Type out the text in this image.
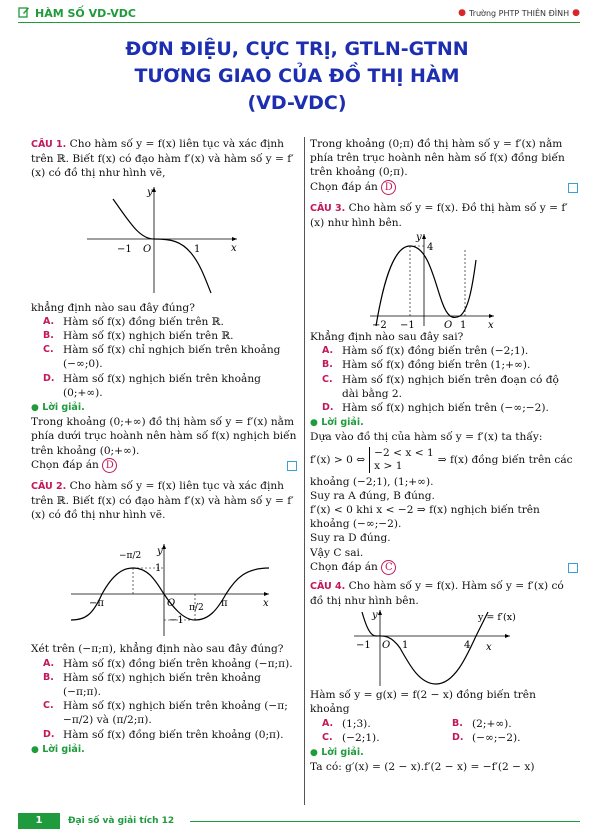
HÀM SỐ VD-VDC	● Trường PHTP THIÊN ĐÌNH ●
ĐƠN ĐIỆU, CỰC TRỊ, GTLN-GTNN
TƯƠNG GIAO CỦA ĐỒ THỊ HÀM
(VD-VDC)

CÂU 1. Cho hàm số y = f(x) liên tục và xác định trên ℝ. Biết f(x) có đạo hàm f′(x) và hàm số y = f′(x) có đồ thị như hình vẽ,

y
x
−1 O	1

khẳng định nào sau đây đúng?

A. Hàm số f(x) đồng biến trên ℝ.
B. Hàm số f(x) nghịch biến trên ℝ.
C. Hàm số f(x) chỉ nghịch biến trên khoảng (−∞;0).
D. Hàm số f(x) nghịch biến trên khoảng (0;+∞).

● Lời giải.

Trong khoảng (0;+∞) đồ thị hàm số y = f′(x) nằm phía dưới trục hoành nên hàm số f(x) nghịch biến trên khoảng (0;+∞).

Chọn đáp án D

CÂU 2. Cho hàm số y = f(x) liên tục và xác định trên ℝ. Biết f(x) có đạo hàm f′(x) và hàm số y = f′(x) có đồ thị như hình vẽ.

y
x
−π	π
O
1
−1
−π/2
π/2

Xét trên (−π;π), khẳng định nào sau đây đúng?

A. Hàm số f(x) đồng biến trên khoảng (−π;π).
B. Hàm số f(x) nghịch biến trên khoảng (−π;π).
C. Hàm số f(x) nghịch biến trên khoảng (−π;−π/2) và (π/2;π).
D. Hàm số f(x) đồng biến trên khoảng (0;π).

● Lời giải.

Trong khoảng (0;π) đồ thị hàm số y = f′(x) nằm phía trên trục hoành nên hàm số f(x) đồng biến trên khoảng (0;π).

Chọn đáp án D

CÂU 3. Cho hàm số y = f(x). Đồ thị hàm số y = f′(x) như hình bên.

y
x
4
−2 −1	O 1

Khẳng định nào sau đây sai?

A. Hàm số f(x) đồng biến trên (−2;1).
B. Hàm số f(x) đồng biến trên (1;+∞).
C. Hàm số f(x) nghịch biến trên đoạn có độ dài bằng 2.
D. Hàm số f(x) nghịch biến trên (−∞;−2).

● Lời giải.

Dựa vào đồ thị của hàm số y = f′(x) ta thấy:

f′(x) > 0 ⇔
−2 < x < 1
x > 1
⇒ f(x) đồng biến trên các

khoảng (−2;1), (1;+∞).

Suy ra A đúng, B đúng.

f′(x) < 0 khi x < −2 ⇒ f(x) nghịch biến trên khoảng (−∞;−2).

Suy ra D đúng.

Vậy C sai.

Chọn đáp án C

CÂU 4. Cho hàm số y = f(x). Hàm số y = f′(x) có đồ thị như hình bên.

y
x
y = f′(x)
−1 O 1	4

Hàm số y = g(x) = f(2 − x) đồng biến trên khoảng

A. (1;3).	B. (2;+∞).
C. (−2;1).	D. (−∞;−2).

● Lời giải.

Ta có: g′(x) = (2 − x).f′(2 − x) = −f′(2 − x)

1	Đại số và giải tích 12
